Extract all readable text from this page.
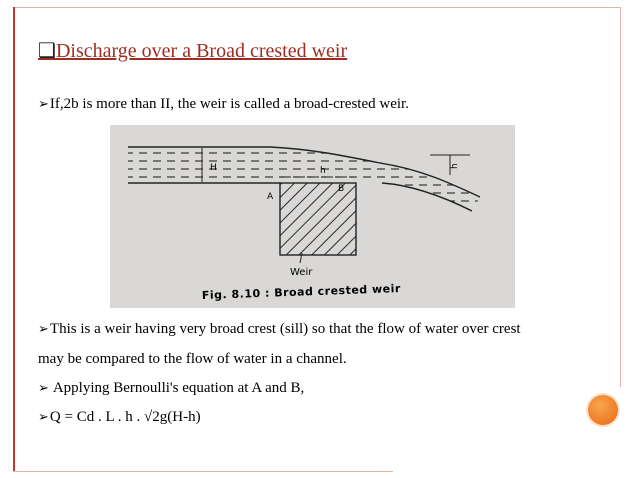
❑Discharge over a Broad crested weir
➢If,2b is more than II, the weir is called a broad-crested weir.
H	h	h
A
B
Weir
Fig. 8.10 : Broad crested weir
➢This is a weir having very broad crest (sill) so that the flow of water over crest
may be compared to the flow of water in a channel.
➢ Applying Bernoulli's equation at A and B,
➢Q = Cd . L . h . √2g(H-h)
